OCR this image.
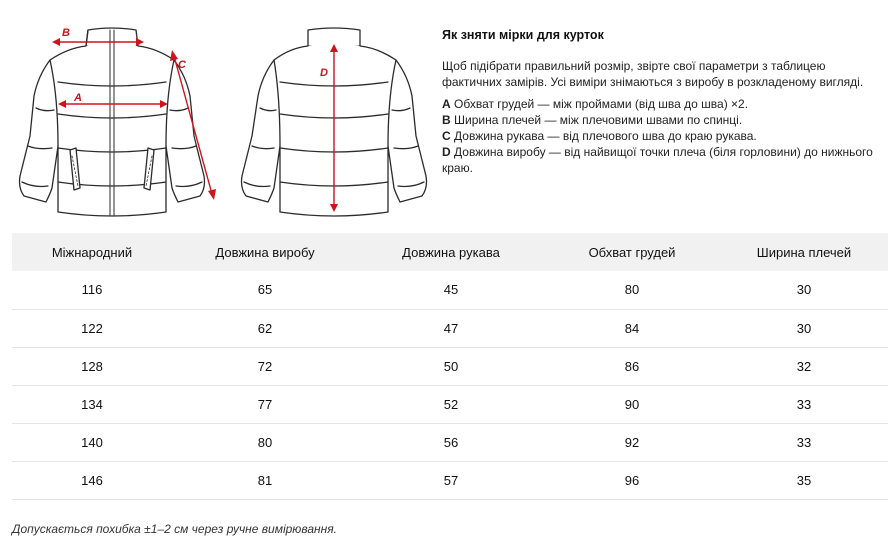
B
A
C
D
Як зняти мірки для курток

Щоб підібрати правильний розмір, звірте свої параметри з таблицею фактичних замірів. Усі виміри знімаються з виробу в розкладеному вигляді.

A Обхват грудей — між проймами (від шва до шва) ×2.
B Ширина плечей — між плечовими швами по спинці.
C Довжина рукава — від плечового шва до краю рукава.
D Довжина виробу — від найвищої точки плеча (біля горловини) до нижнього краю.
Міжнародний	Довжина виробу	Довжина рукава	Обхват грудей	Ширина плечей
116	65	45	80	30
122	62	47	84	30
128	72	50	86	32
134	77	52	90	33
140	80	56	92	33
146	81	57	96	35
Допускається похибка ±1–2 см через ручне вимірювання.
